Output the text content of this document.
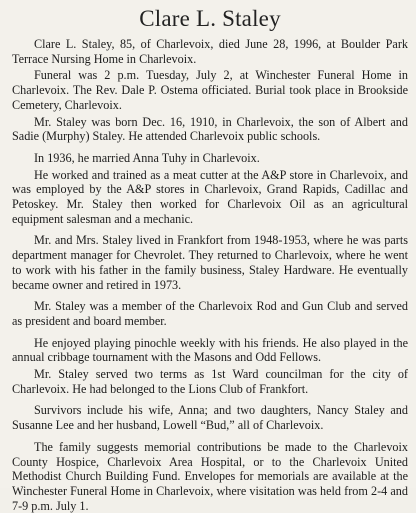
Clare L. Staley

Clare L. Staley, 85, of Charlevoix, died June 28, 1996, at Boulder Park Terrace Nursing Home in Charlevoix.

Funeral was 2 p.m. Tuesday, July 2, at Winchester Funeral Home in Charlevoix. The Rev. Dale P. Ostema officiated. Burial took place in Brookside Cemetery, Charlevoix.

Mr. Staley was born Dec. 16, 1910, in Charlevoix, the son of Albert and Sadie (Murphy) Staley. He attended Charlevoix public schools.

In 1936, he married Anna Tuhy in Charlevoix.

He worked and trained as a meat cutter at the A&P store in Charlevoix, and was employed by the A&P stores in Charlevoix, Grand Rapids, Cadillac and Petoskey. Mr. Staley then worked for Charlevoix Oil as an agricultural equipment salesman and a mechanic.

Mr. and Mrs. Staley lived in Frankfort from 1948-1953, where he was parts department manager for Chevrolet. They returned to Charlevoix, where he went to work with his father in the family business, Staley Hardware. He eventually became owner and retired in 1973.

Mr. Staley was a member of the Charlevoix Rod and Gun Club and served as president and board member.

He enjoyed playing pinochle weekly with his friends. He also played in the annual cribbage tournament with the Masons and Odd Fellows.

Mr. Staley served two terms as 1st Ward councilman for the city of Charlevoix. He had belonged to the Lions Club of Frankfort.

Survivors include his wife, Anna; and two daughters, Nancy Staley and Susanne Lee and her husband, Lowell “Bud,” all of Charlevoix.

The family suggests memorial contributions be made to the Charlevoix County Hospice, Charlevoix Area Hospital, or to the Charlevoix United Methodist Church Building Fund. Envelopes for memorials are available at the Winchester Funeral Home in Charlevoix, where visitation was held from 2-4 and 7-9 p.m. July 1.
